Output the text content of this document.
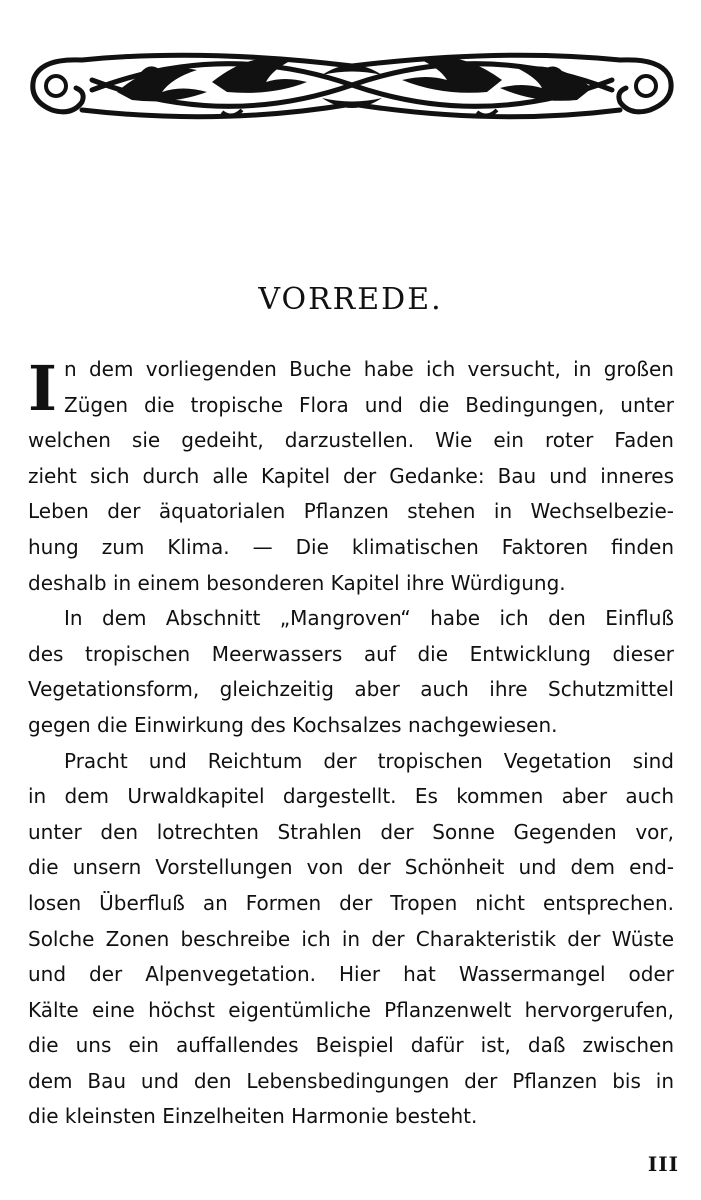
VORREDE.
I n dem vorliegenden Buche habe ich versucht, in großen
Zügen die tropische Flora und die Bedingungen, unter
welchen sie gedeiht, darzustellen. Wie ein roter Faden
zieht sich durch alle Kapitel der Gedanke: Bau und inneres
Leben der äquatorialen Pflanzen stehen in Wechselbezie-
hung zum Klima. — Die klimatischen Faktoren finden
deshalb in einem besonderen Kapitel ihre Würdigung.
In dem Abschnitt „Mangroven“ habe ich den Einfluß
des tropischen Meerwassers auf die Entwicklung dieser
Vegetationsform, gleichzeitig aber auch ihre Schutzmittel
gegen die Einwirkung des Kochsalzes nachgewiesen.
Pracht und Reichtum der tropischen Vegetation sind
in dem Urwaldkapitel dargestellt. Es kommen aber auch
unter den lotrechten Strahlen der Sonne Gegenden vor,
die unsern Vorstellungen von der Schönheit und dem end-
losen Überfluß an Formen der Tropen nicht entsprechen.
Solche Zonen beschreibe ich in der Charakteristik der Wüste
und der Alpenvegetation. Hier hat Wassermangel oder
Kälte eine höchst eigentümliche Pflanzenwelt hervorgerufen,
die uns ein auffallendes Beispiel dafür ist, daß zwischen
dem Bau und den Lebensbedingungen der Pflanzen bis in
die kleinsten Einzelheiten Harmonie besteht.
III
